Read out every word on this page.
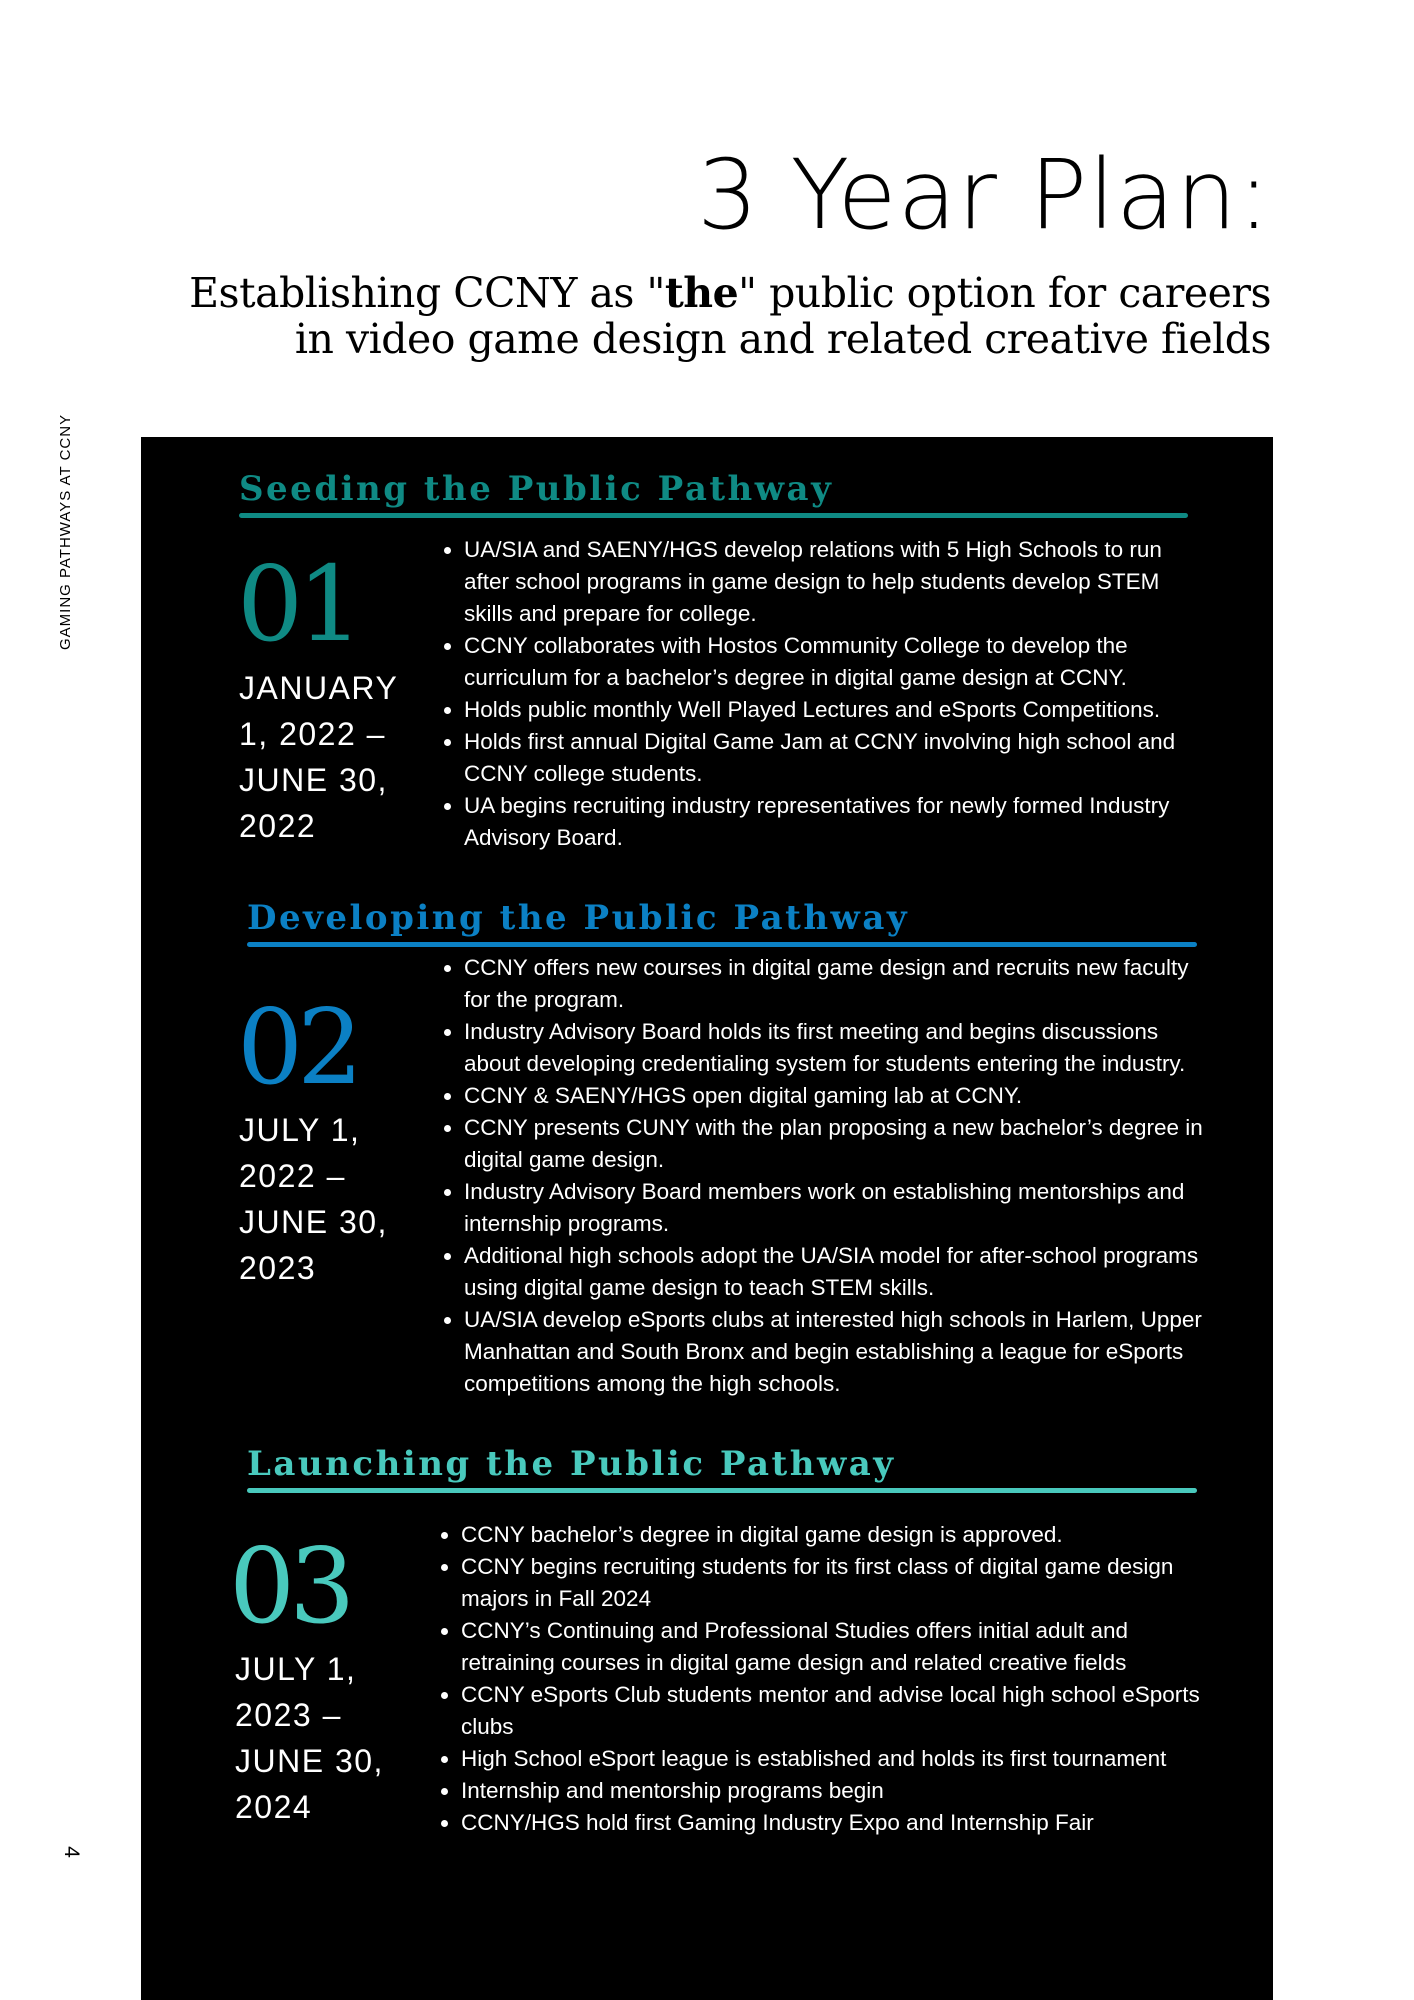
GAMING PATHWAYS AT CCNY
4
3 Year Plan:

Establishing CCNY as "the" public option for careers
in video game design and related creative fields

Seeding the Public Pathway
01
JANUARY 1, 2022 – JUNE 30, 2022
• UA/SIA and SAENY/HGS develop relations with 5 High Schools to run after school programs in game design to help students develop STEM skills and prepare for college.
• CCNY collaborates with Hostos Community College to develop the curriculum for a bachelor’s degree in digital game design at CCNY.
• Holds public monthly Well Played Lectures and eSports Competitions.
• Holds first annual Digital Game Jam at CCNY involving high school and CCNY college students.
• UA begins recruiting industry representatives for newly formed Industry Advisory Board.
Developing the Public Pathway
02
JULY 1, 2022 – JUNE 30, 2023
• CCNY offers new courses in digital game design and recruits new faculty for the program.
• Industry Advisory Board holds its first meeting and begins discussions about developing credentialing system for students entering the industry.
• CCNY & SAENY/HGS open digital gaming lab at CCNY.
• CCNY presents CUNY with the plan proposing a new bachelor’s degree in digital game design.
• Industry Advisory Board members work on establishing mentorships and internship programs.
• Additional high schools adopt the UA/SIA model for after-school programs using digital game design to teach STEM skills.
• UA/SIA develop eSports clubs at interested high schools in Harlem, Upper Manhattan and South Bronx and begin establishing a league for eSports competitions among the high schools.
Launching the Public Pathway
03
JULY 1, 2023 – JUNE 30, 2024
• CCNY bachelor’s degree in digital game design is approved.
• CCNY begins recruiting students for its first class of digital game design majors in Fall 2024
• CCNY’s Continuing and Professional Studies offers initial adult and retraining courses in digital game design and related creative fields
• CCNY eSports Club students mentor and advise local high school eSports clubs
• High School eSport league is established and holds its first tournament
• Internship and mentorship programs begin
• CCNY/HGS hold first Gaming Industry Expo and Internship Fair
